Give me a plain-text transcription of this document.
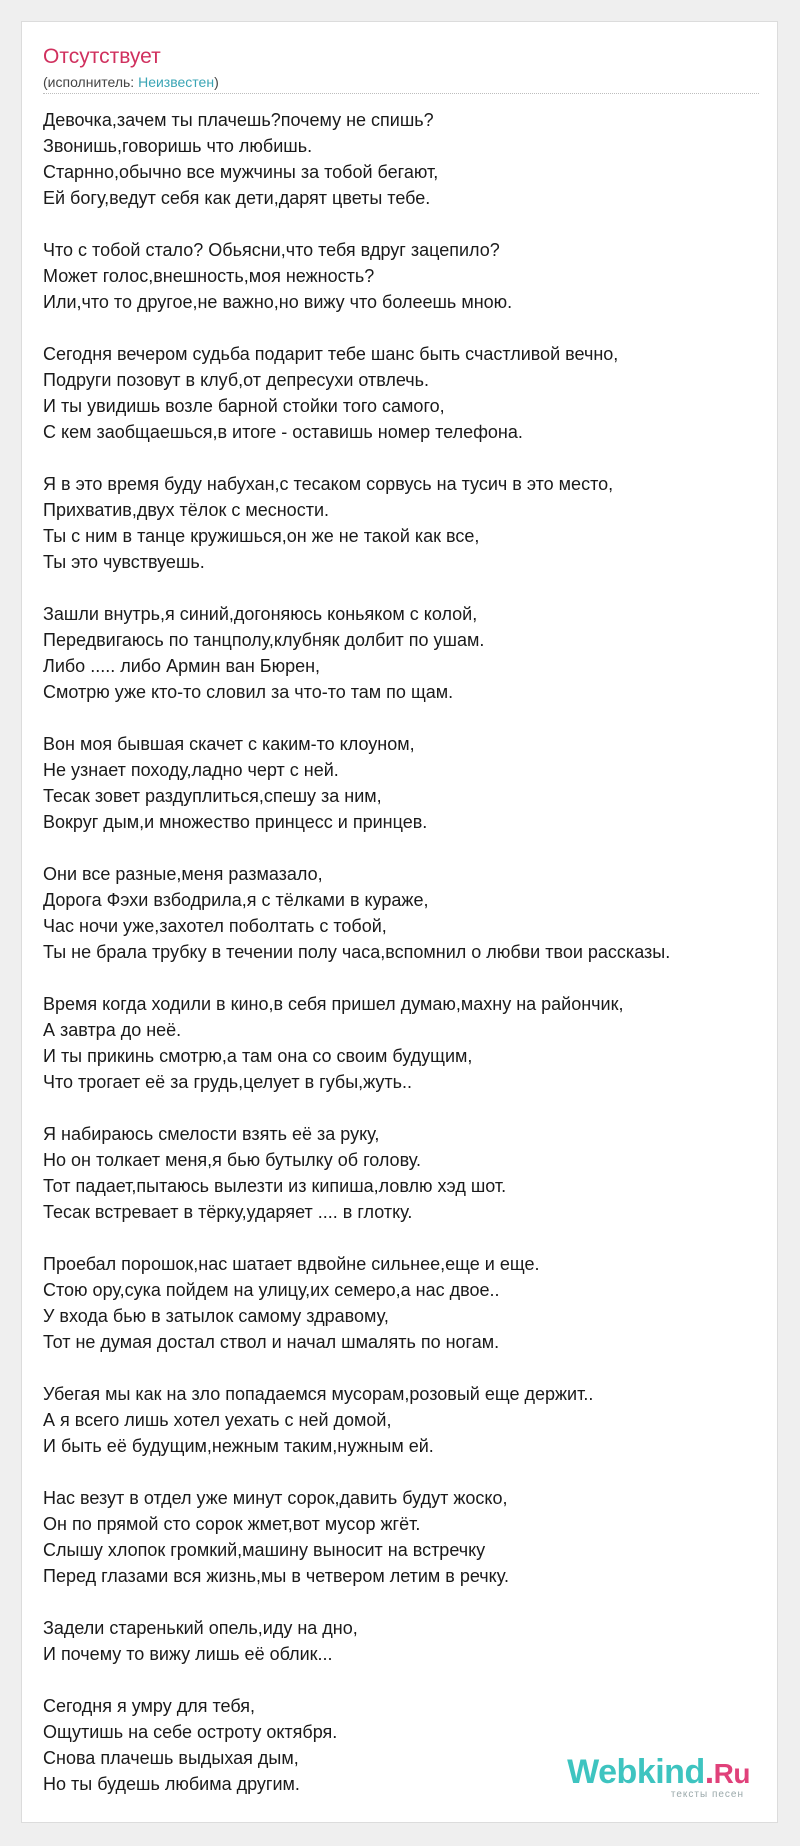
Отсутствует
(исполнитель: Неизвестен)
Девочка,зачем ты плачешь?почему не спишь?
Звонишь,говоришь что любишь.
Старнно,обычно все мужчины за тобой бегают,
Ей богу,ведут себя как дети,дарят цветы тебе.
Что с тобой стало? Обьясни,что тебя вдруг зацепило?
Может голос,внешность,моя нежность?
Или,что то другое,не важно,но вижу что болеешь мною.
Сегодня вечером судьба подарит тебе шанс быть счастливой вечно,
Подруги позовут в клуб,от депресухи отвлечь.
И ты увидишь возле барной стойки того самого,
С кем заобщаешься,в итоге - оставишь номер телефона.
Я в это время буду набухан,с тесаком сорвусь на тусич в это место,
Прихватив,двух тёлок с месности.
Ты с ним в танце кружишься,он же не такой как все,
Ты это чувствуешь.
Зашли внутрь,я синий,догоняюсь коньяком с колой,
Передвигаюсь по танцполу,клубняк долбит по ушам.
Либо ..... либо Армин ван Бюрен,
Смотрю уже кто-то словил за что-то там по щам.
Вон моя бывшая скачет с каким-то клоуном,
Не узнает походу,ладно черт с ней.
Тесак зовет раздуплиться,спешу за ним,
Вокруг дым,и множество принцесс и принцев.
Они все разные,меня размазало,
Дорога Фэхи взбодрила,я с тёлками в кураже,
Час ночи уже,захотел поболтать с тобой,
Ты не брала трубку в течении полу часа,вспомнил о любви твои рассказы.
Время когда ходили в кино,в себя пришел думаю,махну на райончик,
А завтра до неё.
И ты прикинь смотрю,а там она со своим будущим,
Что трогает её за грудь,целует в губы,жуть..
Я набираюсь смелости взять её за руку,
Но он толкает меня,я бью бутылку об голову.
Тот падает,пытаюсь вылезти из кипиша,ловлю хэд шот.
Тесак встревает в тёрку,ударяет .... в глотку.
Проебал порошок,нас шатает вдвойне сильнее,еще и еще.
Стою ору,сука пойдем на улицу,их семеро,а нас двое..
У входа бью в затылок самому здравому,
Тот не думая достал ствол и начал шмалять по ногам.
Убегая мы как на зло попадаемся мусорам,розовый еще держит..
А я всего лишь хотел уехать с ней домой,
И быть её будущим,нежным таким,нужным ей.
Нас везут в отдел уже минут сорок,давить будут жоско,
Он по прямой сто сорок жмет,вот мусор жгёт.
Слышу хлопок громкий,машину выносит на встречку
Перед глазами вся жизнь,мы в четвером летим в речку.
Задели старенький опель,иду на дно,
И почему то вижу лишь её облик...
Сегодня я умру для тебя,
Ощутишь на себе остроту октября.
Снова плачешь выдыхая дым,
Но ты будешь любима другим.	Webkind.Ru
тексты песен
